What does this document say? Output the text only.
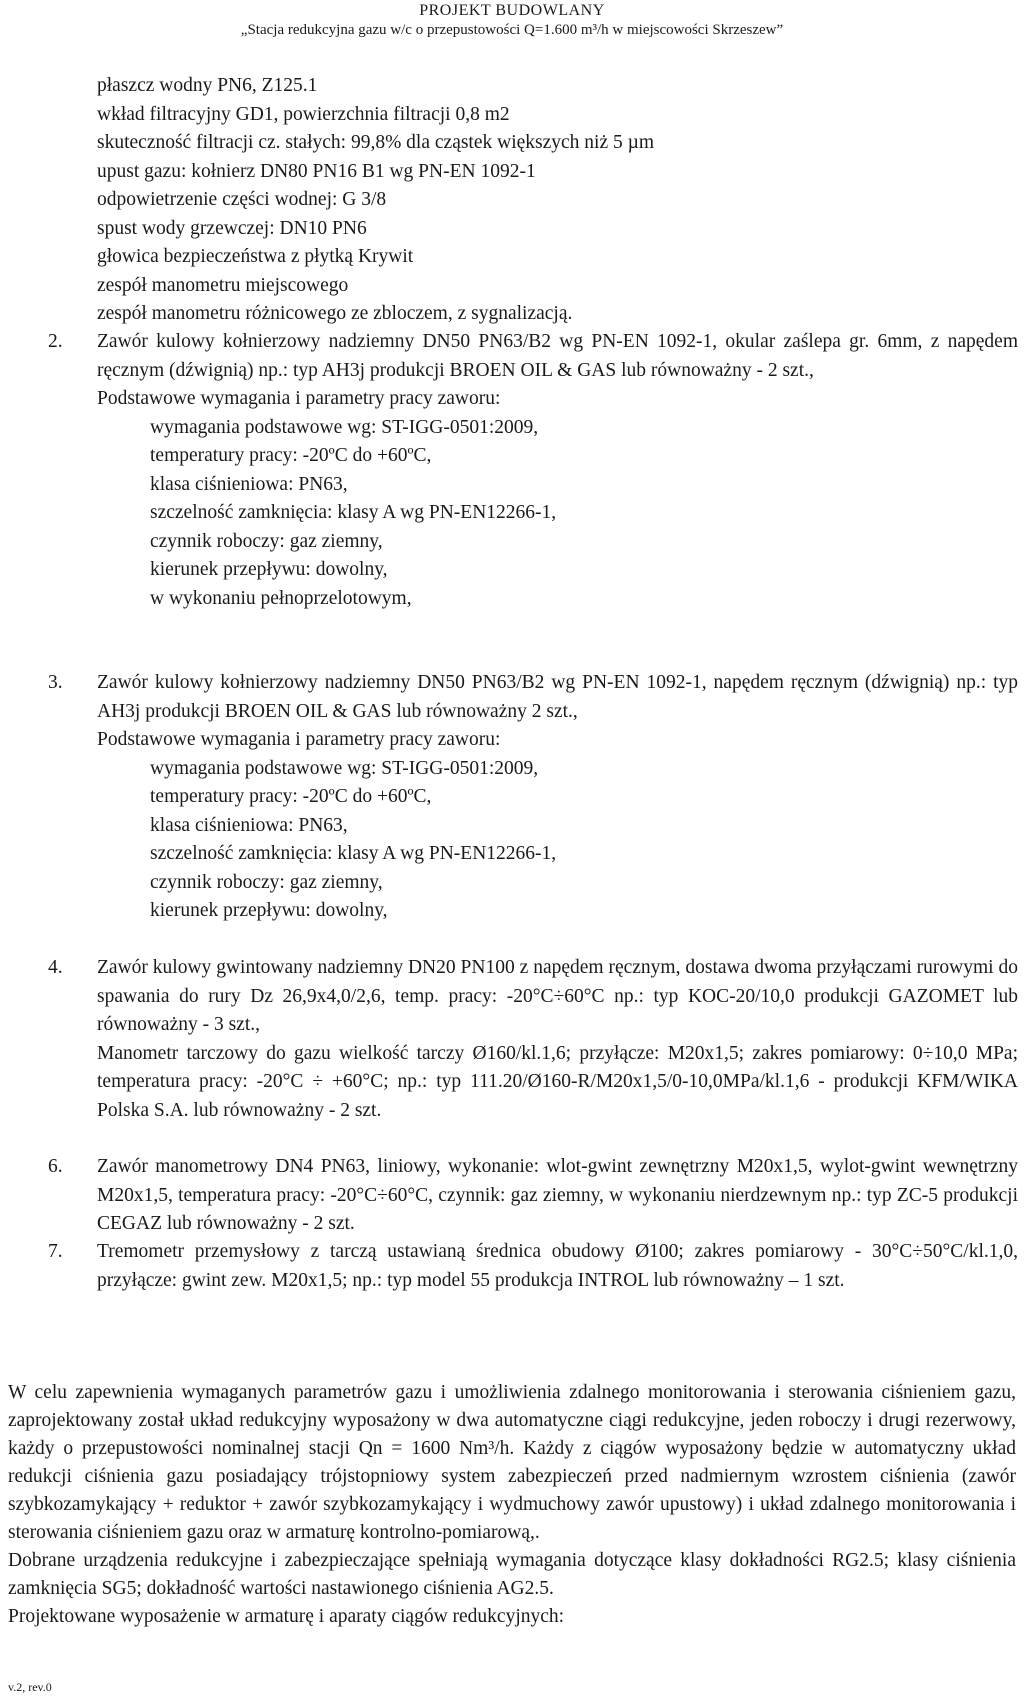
PROJEKT BUDOWLANY
„Stacja redukcyjna gazu w/c o przepustowości Q=1.600 m³/h w miejscowości Skrzeszew”
płaszcz wodny PN6, Z125.1
wkład filtracyjny GD1, powierzchnia filtracji 0,8 m2
skuteczność filtracji cz. stałych: 99,8% dla cząstek większych niż 5 µm
upust gazu: kołnierz DN80 PN16 B1 wg PN-EN 1092-1
odpowietrzenie części wodnej: G 3/8
spust wody grzewczej: DN10 PN6
głowica bezpieczeństwa z płytką Krywit
zespół manometru miejscowego
zespół manometru różnicowego ze zbloczem, z sygnalizacją.
2.	Zawór kulowy kołnierzowy nadziemny DN50 PN63/B2 wg PN-EN 1092-1, okular zaślepa gr. 6mm, z napędem ręcznym (dźwignią) np.: typ AH3j produkcji BROEN OIL & GAS lub równoważny - 2 szt.,
Podstawowe wymagania i parametry pracy zaworu:
wymagania podstawowe wg: ST-IGG-0501:2009,
temperatury pracy: -20ºC do +60ºC,
klasa ciśnieniowa: PN63,
szczelność zamknięcia: klasy A wg PN-EN12266-1,
czynnik roboczy: gaz ziemny,
kierunek przepływu: dowolny,
w wykonaniu pełnoprzelotowym,
3.	Zawór kulowy kołnierzowy nadziemny DN50 PN63/B2 wg PN-EN 1092-1, napędem ręcznym (dźwignią) np.: typ AH3j produkcji BROEN OIL & GAS lub równoważny 2 szt.,
Podstawowe wymagania i parametry pracy zaworu:
wymagania podstawowe wg: ST-IGG-0501:2009,
temperatury pracy: -20ºC do +60ºC,
klasa ciśnieniowa: PN63,
szczelność zamknięcia: klasy A wg PN-EN12266-1,
czynnik roboczy: gaz ziemny,
kierunek przepływu: dowolny,
4.	Zawór kulowy gwintowany nadziemny DN20 PN100 z napędem ręcznym, dostawa dwoma przyłączami rurowymi do spawania do rury Dz 26,9x4,0/2,6, temp. pracy: -20°C÷60°C np.: typ KOC-20/10,0 produkcji GAZOMET lub równoważny - 3 szt.,
Manometr tarczowy do gazu wielkość tarczy Ø160/kl.1,6; przyłącze: M20x1,5; zakres pomiarowy: 0÷10,0 MPa; temperatura pracy: -20°C ÷ +60°C; np.: typ 111.20/Ø160-R/M20x1,5/0-10,0MPa/kl.1,6 - produkcji KFM/WIKA Polska S.A. lub równoważny - 2 szt.
6.	Zawór manometrowy DN4 PN63, liniowy, wykonanie: wlot-gwint zewnętrzny M20x1,5, wylot-gwint wewnętrzny M20x1,5, temperatura pracy: -20°C÷60°C, czynnik: gaz ziemny, w wykonaniu nierdzewnym np.: typ ZC-5 produkcji CEGAZ lub równoważny - 2 szt.
7.	Tremometr przemysłowy z tarczą ustawianą średnica obudowy Ø100; zakres pomiarowy - 30°C÷50°C/kl.1,0, przyłącze: gwint zew. M20x1,5; np.: typ model 55 produkcja INTROL lub równoważny – 1 szt.
W celu zapewnienia wymaganych parametrów gazu i umożliwienia zdalnego monitorowania i sterowania ciśnieniem gazu, zaprojektowany został układ redukcyjny wyposażony w dwa automatyczne ciągi redukcyjne, jeden roboczy i drugi rezerwowy, każdy o przepustowości nominalnej stacji Qn = 1600 Nm³/h. Każdy z ciągów wyposażony będzie w automatyczny układ redukcji ciśnienia gazu posiadający trójstopniowy system zabezpieczeń przed nadmiernym wzrostem ciśnienia (zawór szybkozamykający + reduktor + zawór szybkozamykający i wydmuchowy zawór upustowy) i układ zdalnego monitorowania i sterowania ciśnieniem gazu oraz w armaturę kontrolno-pomiarową,.
Dobrane urządzenia redukcyjne i zabezpieczające spełniają wymagania dotyczące klasy dokładności RG2.5; klasy ciśnienia zamknięcia SG5; dokładność wartości nastawionego ciśnienia AG2.5.
Projektowane wyposażenie w armaturę i aparaty ciągów redukcyjnych:
v.2, rev.0
